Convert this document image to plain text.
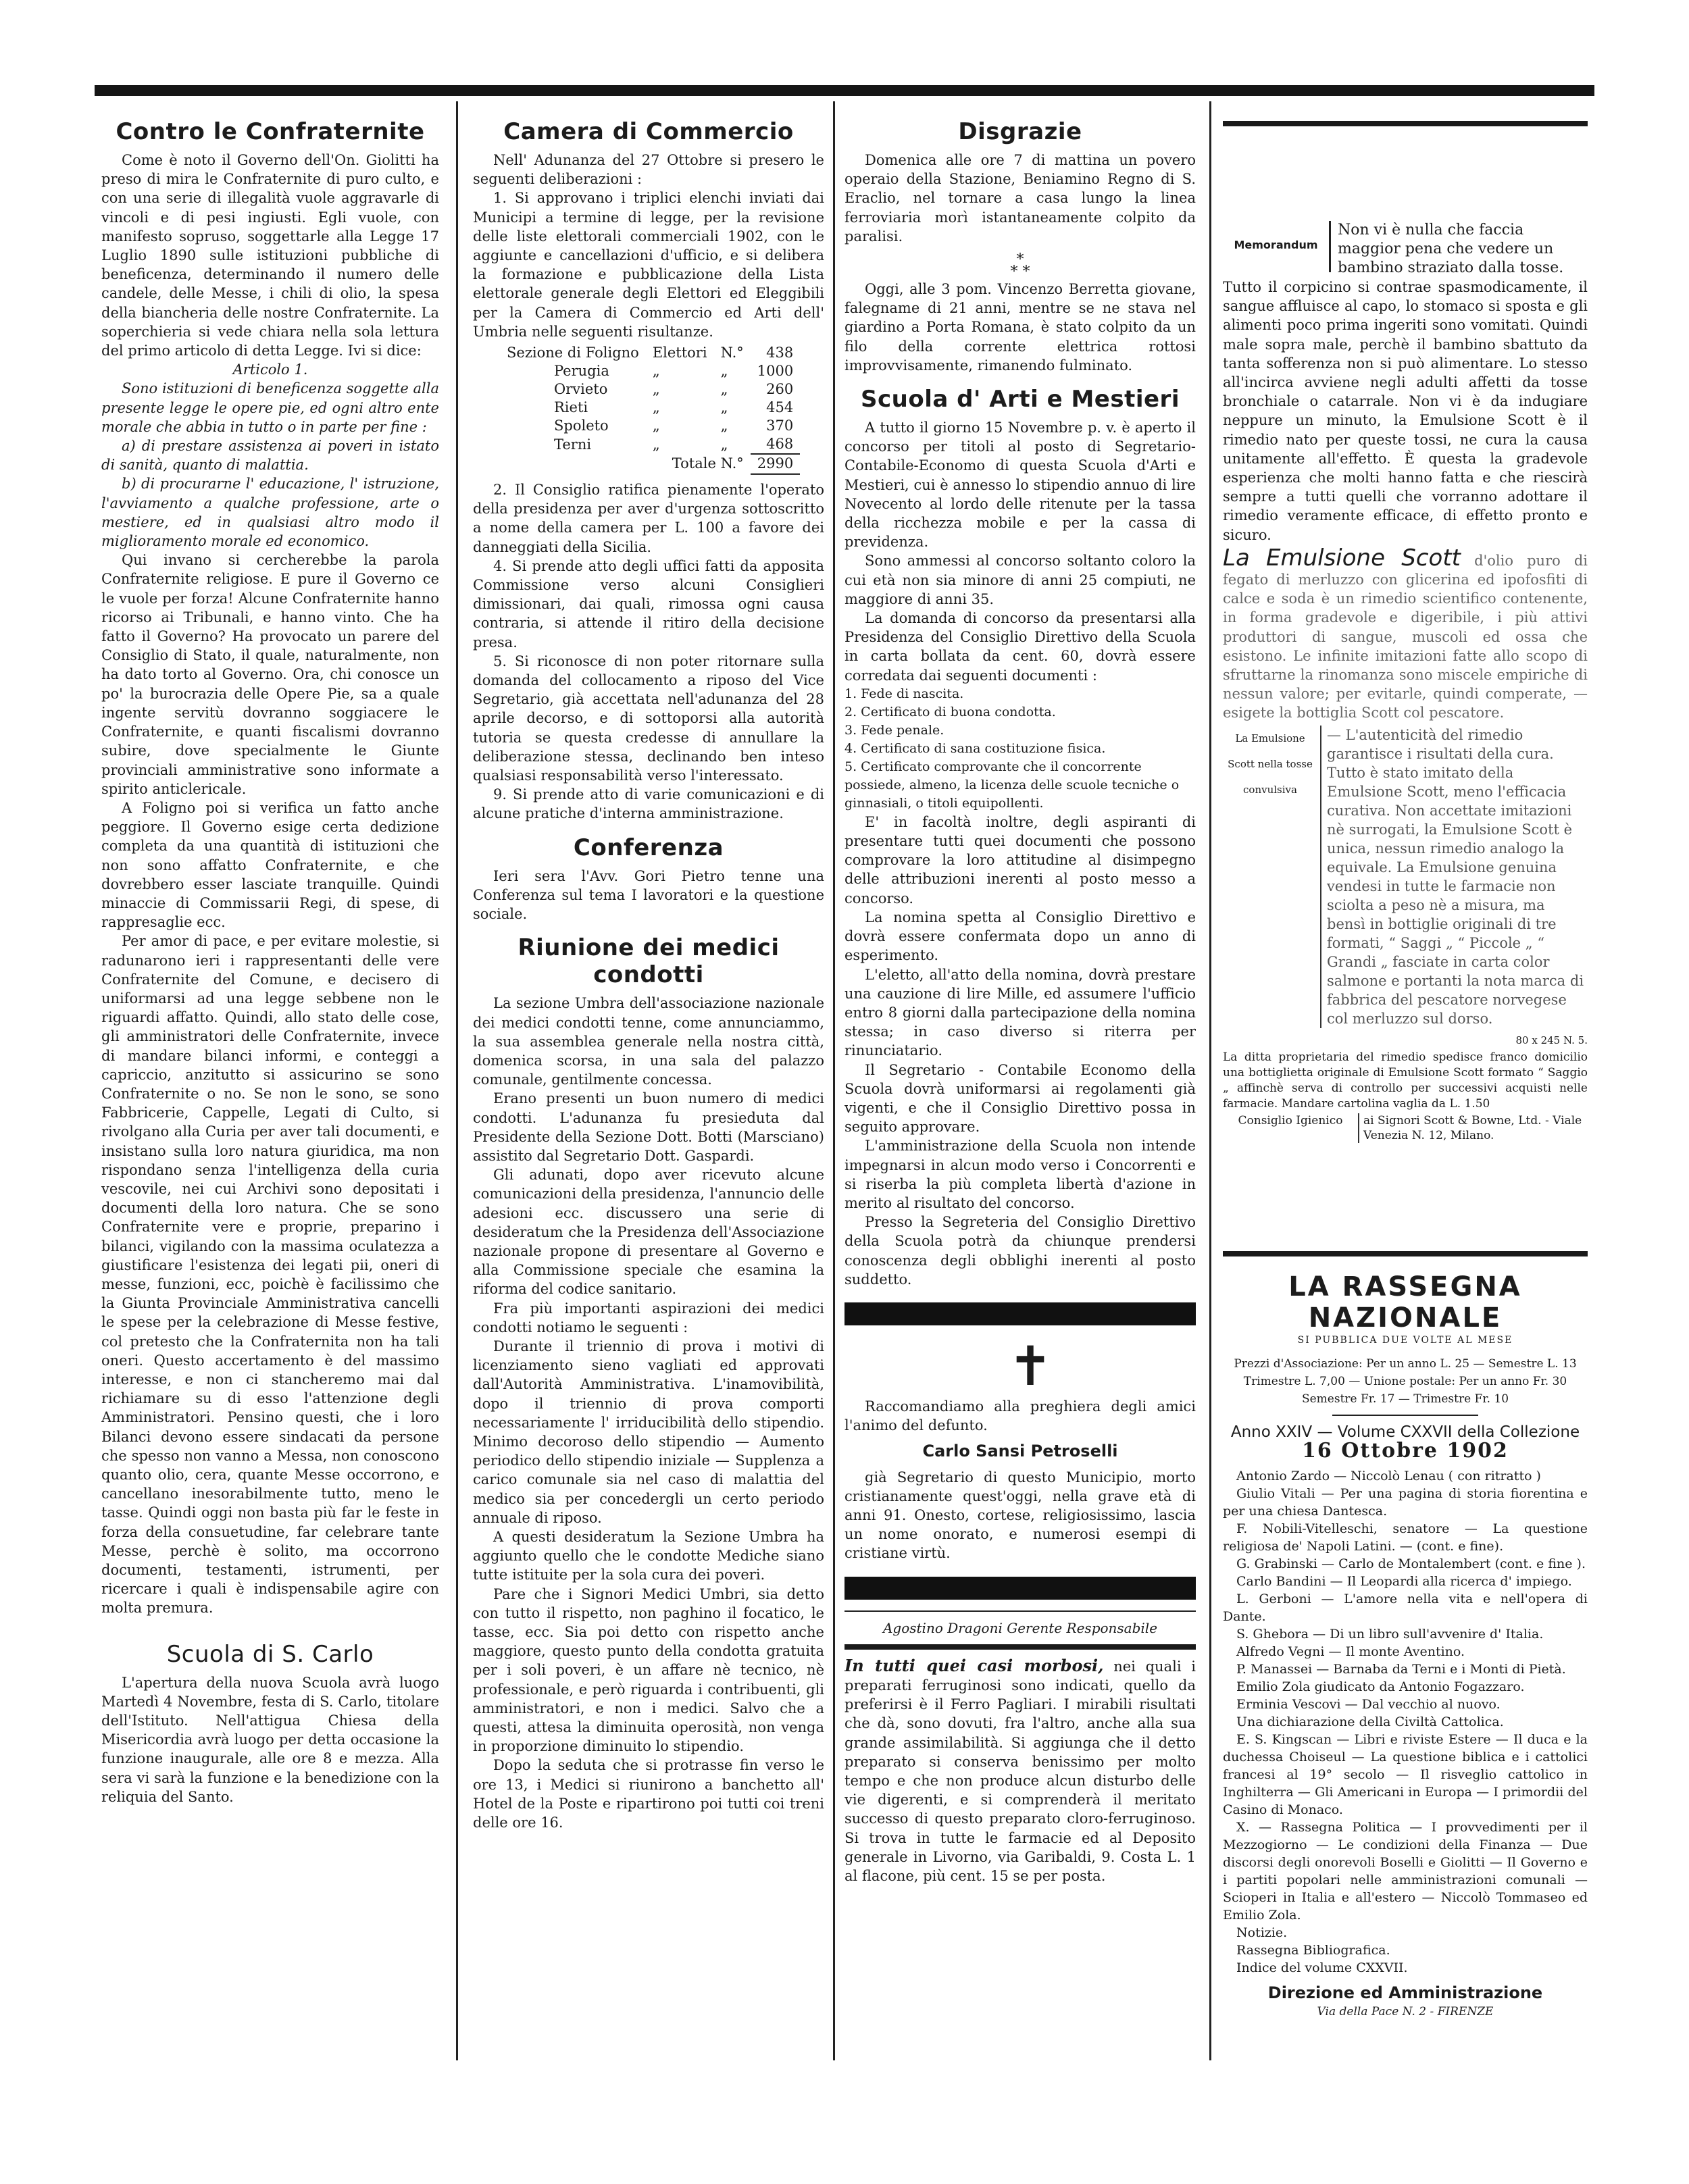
Contro le Confraternite

Come è noto il Governo dell'On. Giolitti ha preso di mira le Confraternite di puro culto, e con una serie di illegalità vuole aggravarle di vincoli e di pesi ingiusti. Egli vuole, con manifesto sopruso, soggettarle alla Legge 17 Luglio 1890 sulle istituzioni pubbliche di beneficenza, determinando il numero delle candele, delle Messe, i chili di olio, la spesa della biancheria delle nostre Confraternite. La soperchieria si vede chiara nella sola lettura del primo articolo di detta Legge. Ivi si dice:

Articolo 1.

Sono istituzioni di beneficenza soggette alla presente legge le opere pie, ed ogni altro ente morale che abbia in tutto o in parte per fine :

a) di prestare assistenza ai poveri in istato di sanità, quanto di malattia.

b) di procurarne l' educazione, l' istruzione, l'avviamento a qualche professione, arte o mestiere, ed in qualsiasi altro modo il miglioramento morale ed economico.

Qui invano si cercherebbe la parola Confraternite religiose. E pure il Governo ce le vuole per forza! Alcune Confraternite hanno ricorso ai Tribunali, e hanno vinto. Che ha fatto il Governo? Ha provocato un parere del Consiglio di Stato, il quale, naturalmente, non ha dato torto al Governo. Ora, chi conosce un po' la burocrazia delle Opere Pie, sa a quale ingente servitù dovranno soggiacere le Confraternite, e quanti fiscalismi dovranno subire, dove specialmente le Giunte provinciali amministrative sono informate a spirito anticlericale.

A Foligno poi si verifica un fatto anche peggiore. Il Governo esige certa dedizione completa da una quantità di istituzioni che non sono affatto Confraternite, e che dovrebbero esser lasciate tranquille. Quindi minaccie di Commissarii Regi, di spese, di rappresaglie ecc.

Per amor di pace, e per evitare molestie, si radunarono ieri i rappresentanti delle vere Confraternite del Comune, e decisero di uniformarsi ad una legge sebbene non le riguardi affatto. Quindi, allo stato delle cose, gli amministratori delle Confraternite, invece di mandare bilanci informi, e conteggi a capriccio, anzitutto si assicurino se sono Confraternite o no. Se non le sono, se sono Fabbricerie, Cappelle, Legati di Culto, si rivolgano alla Curia per aver tali documenti, e insistano sulla loro natura giuridica, ma non rispondano senza l'intelligenza della curia vescovile, nei cui Archivi sono depositati i documenti della loro natura. Che se sono Confraternite vere e proprie, preparino i bilanci, vigilando con la massima oculatezza a giustificare l'esistenza dei legati pii, oneri di messe, funzioni, ecc, poichè è facilissimo che la Giunta Provinciale Amministrativa cancelli le spese per la celebrazione di Messe festive, col pretesto che la Confraternita non ha tali oneri. Questo accertamento è del massimo interesse, e non ci stancheremo mai dal richiamare su di esso l'attenzione degli Amministratori. Pensino questi, che i loro Bilanci devono essere sindacati da persone che spesso non vanno a Messa, non conoscono quanto olio, cera, quante Messe occorrono, e cancellano inesorabilmente tutto, meno le tasse. Quindi oggi non basta più far le feste in forza della consuetudine, far celebrare tante Messe, perchè è solito, ma occorrono documenti, testamenti, istrumenti, per ricercare i quali è indispensabile agire con molta premura.

Scuola di S. Carlo

L'apertura della nuova Scuola avrà luogo Martedì 4 Novembre, festa di S. Carlo, titolare dell'Istituto. Nell'attigua Chiesa della Misericordia avrà luogo per detta occasione la funzione inaugurale, alle ore 8 e mezza. Alla sera vi sarà la funzione e la benedizione con la reliquia del Santo.

Camera di Commercio

Nell' Adunanza del 27 Ottobre si presero le seguenti deliberazioni :

1. Si approvano i triplici elenchi inviati dai Municipi a termine di legge, per la revisione delle liste elettorali commerciali 1902, con le aggiunte e cancellazioni d'ufficio, e si delibera la formazione e pubblicazione della Lista elettorale generale degli Elettori ed Eleggibili per la Camera di Commercio ed Arti dell' Umbria nelle seguenti risultanze.

Sezione di Foligno	Elettori	N.°	438
Perugia	„	„	1000
Orvieto	„	„	260
Rieti	„	„	454
Spoleto	„	„	370
Terni	„	„	468
Totale N.°			2990

2. Il Consiglio ratifica pienamente l'operato della presidenza per aver d'urgenza sottoscritto a nome della camera per L. 100 a favore dei danneggiati della Sicilia.

4. Si prende atto degli uffici fatti da apposita Commissione verso alcuni Consiglieri dimissionari, dai quali, rimossa ogni causa contraria, si attende il ritiro della decisione presa.

5. Si riconosce di non poter ritornare sulla domanda del collocamento a riposo del Vice Segretario, già accettata nell'adunanza del 28 aprile decorso, e di sottoporsi alla autorità tutoria se questa credesse di annullare la deliberazione stessa, declinando ben inteso qualsiasi responsabilità verso l'interessato.

9. Si prende atto di varie comunicazioni e di alcune pratiche d'interna amministrazione.

Conferenza

Ieri sera l'Avv. Gori Pietro tenne una Conferenza sul tema I lavoratori e la questione sociale.

Riunione dei medici condotti

La sezione Umbra dell'associazione nazionale dei medici condotti tenne, come annunciammo, la sua assemblea generale nella nostra città, domenica scorsa, in una sala del palazzo comunale, gentilmente concessa.

Erano presenti un buon numero di medici condotti. L'adunanza fu presieduta dal Presidente della Sezione Dott. Botti (Marsciano) assistito dal Segretario Dott. Gaspardi.

Gli adunati, dopo aver ricevuto alcune comunicazioni della presidenza, l'annuncio delle adesioni ecc. discussero una serie di desideratum che la Presidenza dell'Associazione nazionale propone di presentare al Governo e alla Commissione speciale che esamina la riforma del codice sanitario.

Fra più importanti aspirazioni dei medici condotti notiamo le seguenti :

Durante il triennio di prova i motivi di licenziamento sieno vagliati ed approvati dall'Autorità Amministrativa. L'inamovibilità, dopo il triennio di prova comporti necessariamente l' irriducibilità dello stipendio. Minimo decoroso dello stipendio — Aumento periodico dello stipendio iniziale — Supplenza a carico comunale sia nel caso di malattia del medico sia per concedergli un certo periodo annuale di riposo.

A questi desideratum la Sezione Umbra ha aggiunto quello che le condotte Mediche siano tutte istituite per la sola cura dei poveri.

Pare che i Signori Medici Umbri, sia detto con tutto il rispetto, non paghino il focatico, le tasse, ecc. Sia poi detto con rispetto anche maggiore, questo punto della condotta gratuita per i soli poveri, è un affare nè tecnico, nè professionale, e però riguarda i contribuenti, gli amministratori, e non i medici. Salvo che a questi, attesa la diminuita operosità, non venga in proporzione diminuito lo stipendio.

Dopo la seduta che si protrasse fin verso le ore 13, i Medici si riunirono a banchetto all' Hotel de la Poste e ripartirono poi tutti coi treni delle ore 16.

Disgrazie

Domenica alle ore 7 di mattina un povero operaio della Stazione, Beniamino Regno di S. Eraclio, nel tornare a casa lungo la linea ferroviaria morì istantaneamente colpito da paralisi.

*
* *

Oggi, alle 3 pom. Vincenzo Berretta giovane, falegname di 21 anni, mentre se ne stava nel giardino a Porta Romana, è stato colpito da un filo della corrente elettrica rottosi improvvisamente, rimanendo fulminato.

Scuola d' Arti e Mestieri

A tutto il giorno 15 Novembre p. v. è aperto il concorso per titoli al posto di Segretario-Contabile-Economo di questa Scuola d'Arti e Mestieri, cui è annesso lo stipendio annuo di lire Novecento al lordo delle ritenute per la tassa della ricchezza mobile e per la cassa di previdenza.

Sono ammessi al concorso soltanto coloro la cui età non sia minore di anni 25 compiuti, ne maggiore di anni 35.

La domanda di concorso da presentarsi alla Presidenza del Consiglio Direttivo della Scuola in carta bollata da cent. 60, dovrà essere corredata dai seguenti documenti :

1. Fede di nascita.
2. Certificato di buona condotta.
3. Fede penale.
4. Certificato di sana costituzione fisica.
5. Certificato comprovante che il concorrente possiede, almeno, la licenza delle scuole tecniche o ginnasiali, o titoli equipollenti.

E' in facoltà inoltre, degli aspiranti di presentare tutti quei documenti che possono comprovare la loro attitudine al disimpegno delle attribuzioni inerenti al posto messo a concorso.

La nomina spetta al Consiglio Direttivo e dovrà essere confermata dopo un anno di esperimento.

L'eletto, all'atto della nomina, dovrà prestare una cauzione di lire Mille, ed assumere l'ufficio entro 8 giorni dalla partecipazione della nomina stessa; in caso diverso si riterra per rinunciatario.

Il Segretario - Contabile Economo della Scuola dovrà uniformarsi ai regolamenti già vigenti, e che il Consiglio Direttivo possa in seguito approvare.

L'amministrazione della Scuola non intende impegnarsi in alcun modo verso i Concorrenti e si riserba la più completa libertà d'azione in merito al risultato del concorso.

Presso la Segreteria del Consiglio Direttivo della Scuola potrà da chiunque prendersi conoscenza degli obblighi inerenti al posto suddetto.

✝

Raccomandiamo alla preghiera degli amici l'animo del defunto.

Carlo Sansi Petroselli

già Segretario di questo Municipio, morto cristianamente quest'oggi, nella grave età di anni 91. Onesto, cortese, religiosissimo, lascia un nome onorato, e numerosi esempi di cristiane virtù.

Agostino Dragoni Gerente Responsabile

In tutti quei casi morbosi, nei quali i preparati ferruginosi sono indicati, quello da preferirsi è il Ferro Pagliari. I mirabili risultati che dà, sono dovuti, fra l'altro, anche alla sua grande assimilabilità. Si aggiunga che il detto preparato si conserva benissimo per molto tempo e che non produce alcun disturbo delle vie digerenti, e si comprenderà il meritato successo di questo preparato cloro-ferruginoso. Si trova in tutte le farmacie ed al Deposito generale in Livorno, via Garibaldi, 9. Costa L. 1 al flacone, più cent. 15 se per posta.

Memorandum
Non vi è nulla che faccia maggior pena che vedere un bambino straziato dalla tosse.

Tutto il corpicino si contrae spasmodicamente, il sangue affluisce al capo, lo stomaco si sposta e gli alimenti poco prima ingeriti sono vomitati. Quindi male sopra male, perchè il bambino sbattuto da tanta sofferenza non si può alimentare. Lo stesso all'incirca avviene negli adulti affetti da tosse bronchiale o catarrale. Non vi è da indugiare neppure un minuto, la Emulsione Scott è il rimedio nato per queste tossi, ne cura la causa unitamente all'effetto. È questa la gradevole esperienza che molti hanno fatta e che riescirà sempre a tutti quelli che vorranno adottare il rimedio veramente efficace, di effetto pronto e sicuro.

La Emulsione Scott d'olio puro di fegato di merluzzo con glicerina ed ipofosfiti di calce e soda è un rimedio scientifico contenente, in forma gradevole e digeribile, i più attivi produttori di sangue, muscoli ed ossa che esistono. Le infinite imitazioni fatte allo scopo di sfruttarne la rinomanza sono miscele empiriche di nessun valore; per evitarle, quindi comperate, — esigete la bottiglia Scott col pescatore.

La Emulsione Scott nella tosse convulsiva
— L'autenticità del rimedio garantisce i risultati della cura. Tutto è stato imitato della Emulsione Scott, meno l'efficacia curativa. Non accettate imitazioni nè surrogati, la Emulsione Scott è unica, nessun rimedio analogo la equivale. La Emulsione genuina vendesi in tutte le farmacie non sciolta a peso nè a misura, ma bensì in bottiglie originali di tre formati, “ Saggi „ “ Piccole „ “ Grandi „ fasciate in carta color salmone e portanti la nota marca di fabbrica del pescatore norvegese col merluzzo sul dorso.

80 x 245 N. 5.

La ditta proprietaria del rimedio spedisce franco domicilio una bottiglietta originale di Emulsione Scott formato “ Saggio „ affinchè serva di controllo per successivi acquisti nelle farmacie. Mandare cartolina vaglia da L. 1.50

Consiglio Igienico	ai Signori Scott & Bowne, Ltd. - Viale Venezia N. 12, Milano.
LA RASSEGNA NAZIONALE
SI PUBBLICA DUE VOLTE AL MESE

Prezzi d'Associazione: Per un anno L. 25 — Semestre L. 13

Trimestre L. 7,00 — Unione postale: Per un anno Fr. 30

Semestre Fr. 17 — Trimestre Fr. 10

Anno XXIV — Volume CXXVII della Collezione

16 Ottobre 1902

Antonio Zardo — Niccolò Lenau ( con ritratto )

Giulio Vitali — Per una pagina di storia fiorentina e per una chiesa Dantesca.

F. Nobili-Vitelleschi, senatore — La questione religiosa de' Napoli Latini. — (cont. e fine).

G. Grabinski — Carlo de Montalembert (cont. e fine ).

Carlo Bandini — Il Leopardi alla ricerca d' impiego.

L. Gerboni — L'amore nella vita e nell'opera di Dante.

S. Ghebora — Di un libro sull'avvenire d' Italia.

Alfredo Vegni — Il monte Aventino.

P. Manassei — Barnaba da Terni e i Monti di Pietà.

Emilio Zola giudicato da Antonio Fogazzaro.

Erminia Vescovi — Dal vecchio al nuovo.

Una dichiarazione della Civiltà Cattolica.

E. S. Kingscan — Libri e riviste Estere — Il duca e la duchessa Choiseul — La questione biblica e i cattolici francesi al 19° secolo — Il risveglio cattolico in Inghilterra — Gli Americani in Europa — I primordii del Casino di Monaco.

X. — Rassegna Politica — I provvedimenti per il Mezzogiorno — Le condizioni della Finanza — Due discorsi degli onorevoli Boselli e Giolitti — Il Governo e i partiti popolari nelle amministrazioni comunali — Scioperi in Italia e all'estero — Niccolò Tommaseo ed Emilio Zola.

Notizie.

Rassegna Bibliografica.

Indice del volume CXXVII.

Direzione ed Amministrazione

Via della Pace N. 2 - FIRENZE
